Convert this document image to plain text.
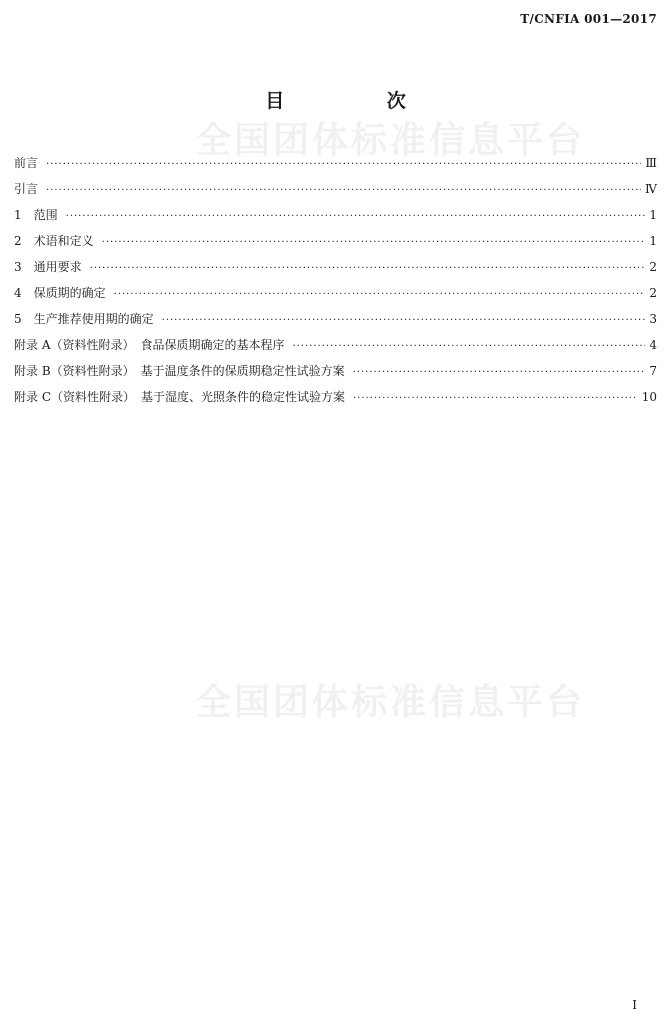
T/CNFIA 001—2017
全国团体标准信息平台
全国团体标准信息平台
目 次
前言 ·····	Ⅲ
引言 ·····	Ⅳ
1　范围 ·····	1
2　术语和定义 ·····	1
3　通用要求 ·····	2
4　保质期的确定 ·····	2
5　生产推荐使用期的确定 ·····	3
附录 A（资料性附录）　食品保质期确定的基本程序 ·····	4
附录 B（资料性附录）　基于温度条件的保质期稳定性试验方案 ·····	7
附录 C（资料性附录）　基于湿度、光照条件的稳定性试验方案 ·····	10
Ⅰ
